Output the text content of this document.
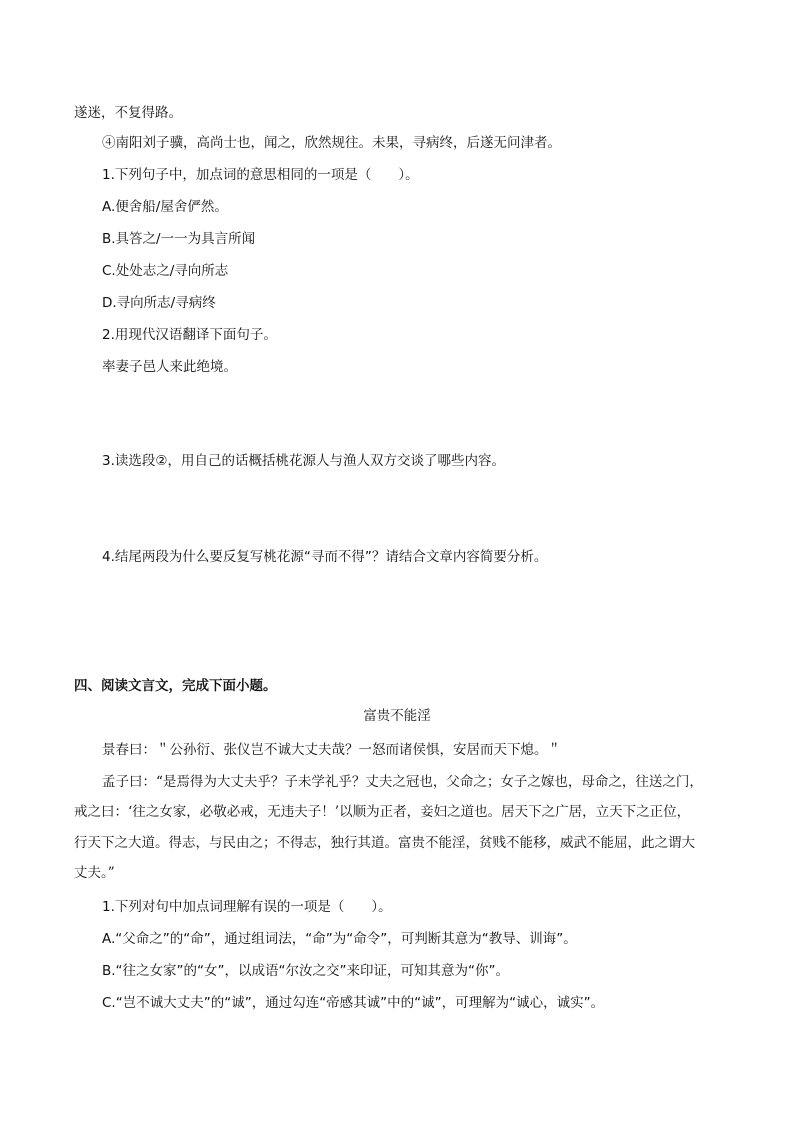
遂迷，不复得路。
④南阳刘子骥，高尚士也，闻之，欣然规往。未果，寻病终，后遂无问津者。
1.下列句子中，加点词的意思相同的一项是（　　）。
A.便舍船/屋舍俨然。
B.具答之/一一为具言所闻
C.处处志之/寻向所志
D.寻向所志/寻病终
2.用现代汉语翻译下面句子。
率妻子邑人来此绝境。
3.读选段②，用自己的话概括桃花源人与渔人双方交谈了哪些内容。
4.结尾两段为什么要反复写桃花源“寻而不得”？请结合文章内容简要分析。
四、阅读文言文，完成下面小题。
富贵不能淫
景春曰：＂公孙衍、张仪岂不诚大丈夫哉？一怒而诸侯惧，安居而天下熄。＂
孟子曰：“是焉得为大丈夫乎？子未学礼乎？丈夫之冠也，父命之；女子之嫁也，母命之，往送之门，
戒之曰：‘往之女家，必敬必戒，无违夫子！’以顺为正者，妾妇之道也。居天下之广居，立天下之正位，
行天下之大道。得志，与民由之；不得志，独行其道。富贵不能淫，贫贱不能移，威武不能屈，此之谓大
丈夫。”
1.下列对句中加点词理解有误的一项是（　　）。
A.“父命之”的“命”，通过组词法，“命”为“命令”，可判断其意为“教导、训诲”。
B.“往之女家”的“女”，以成语“尔汝之交”来印证，可知其意为“你”。
C.“岂不诚大丈夫”的“诚”，通过勾连“帝感其诚”中的“诚”，可理解为“诚心，诚实”。
